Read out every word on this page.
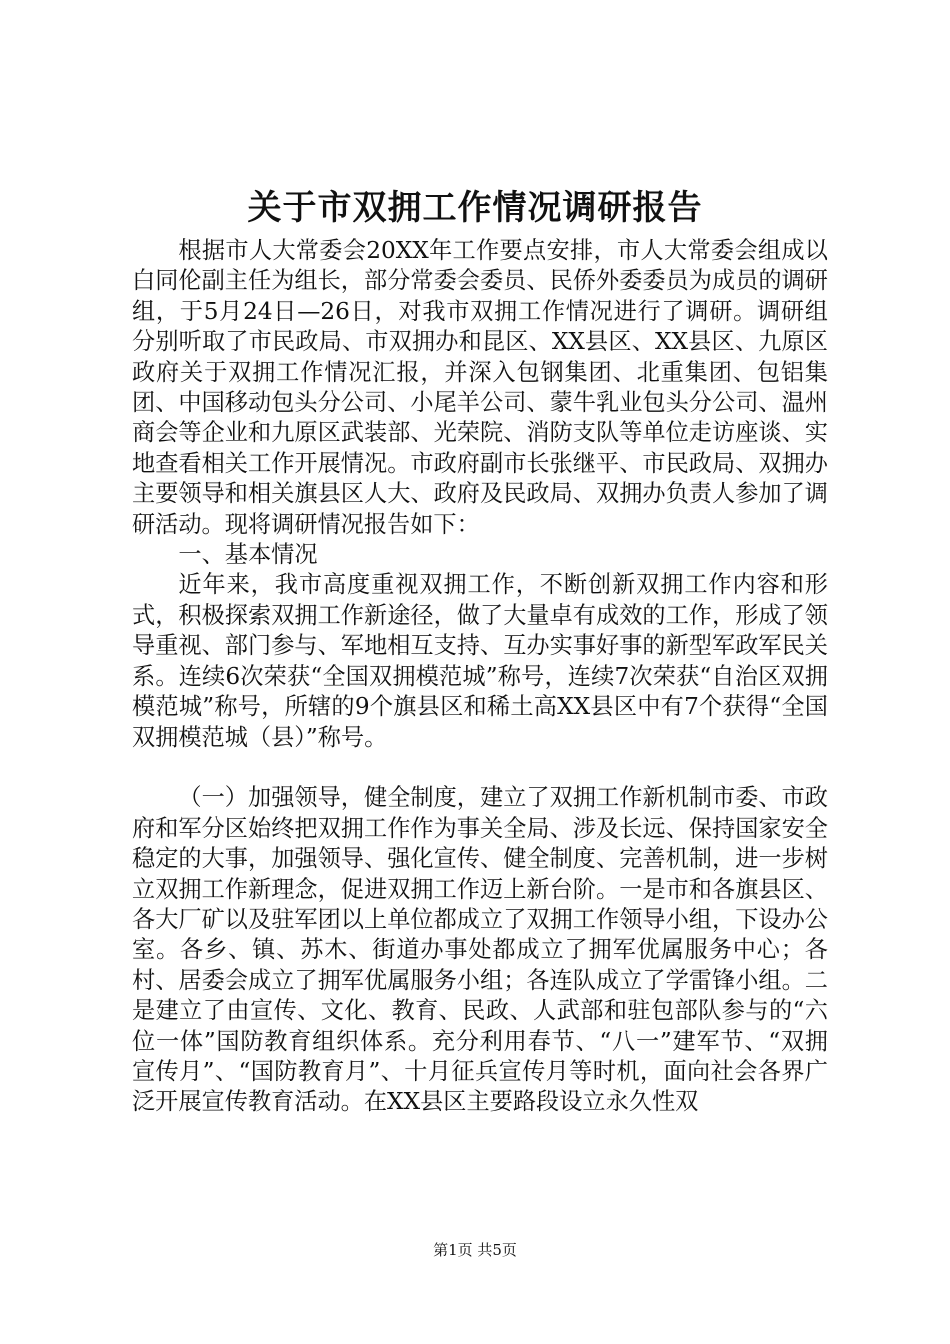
关于市双拥工作情况调研报告

根据市人大常委会20XX年工作要点安排，市人大常委会组成以白同伦副主任为组长，部分常委会委员、民侨外委委员为成员的调研组，于5月24日—26日，对我市双拥工作情况进行了调研。调研组分别听取了市民政局、市双拥办和昆区、XX县区、XX县区、九原区政府关于双拥工作情况汇报，并深入包钢集团、北重集团、包铝集团、中国移动包头分公司、小尾羊公司、蒙牛乳业包头分公司、温州商会等企业和九原区武装部、光荣院、消防支队等单位走访座谈、实地查看相关工作开展情况。市政府副市长张继平、市民政局、双拥办主要领导和相关旗县区人大、政府及民政局、双拥办负责人参加了调研活动。现将调研情况报告如下：

一、基本情况

近年来，我市高度重视双拥工作，不断创新双拥工作内容和形式，积极探索双拥工作新途径，做了大量卓有成效的工作，形成了领导重视、部门参与、军地相互支持、互办实事好事的新型军政军民关系。连续6次荣获“全国双拥模范城”称号，连续7次荣获“自治区双拥模范城”称号，所辖的9个旗县区和稀土高XX县区中有7个获得“全国双拥模范城（县）”称号。

（一）加强领导，健全制度，建立了双拥工作新机制市委、市政府和军分区始终把双拥工作作为事关全局、涉及长远、保持国家安全稳定的大事，加强领导、强化宣传、健全制度、完善机制，进一步树立双拥工作新理念，促进双拥工作迈上新台阶。一是市和各旗县区、各大厂矿以及驻军团以上单位都成立了双拥工作领导小组，下设办公室。各乡、镇、苏木、街道办事处都成立了拥军优属服务中心；各村、居委会成立了拥军优属服务小组；各连队成立了学雷锋小组。二是建立了由宣传、文化、教育、民政、人武部和驻包部队参与的“六位一体”国防教育组织体系。充分利用春节、“八一”建军节、“双拥宣传月”、“国防教育月”、十月征兵宣传月等时机，面向社会各界广泛开展宣传教育活动。在XX县区主要路段设立永久性双

第1页 共5页
